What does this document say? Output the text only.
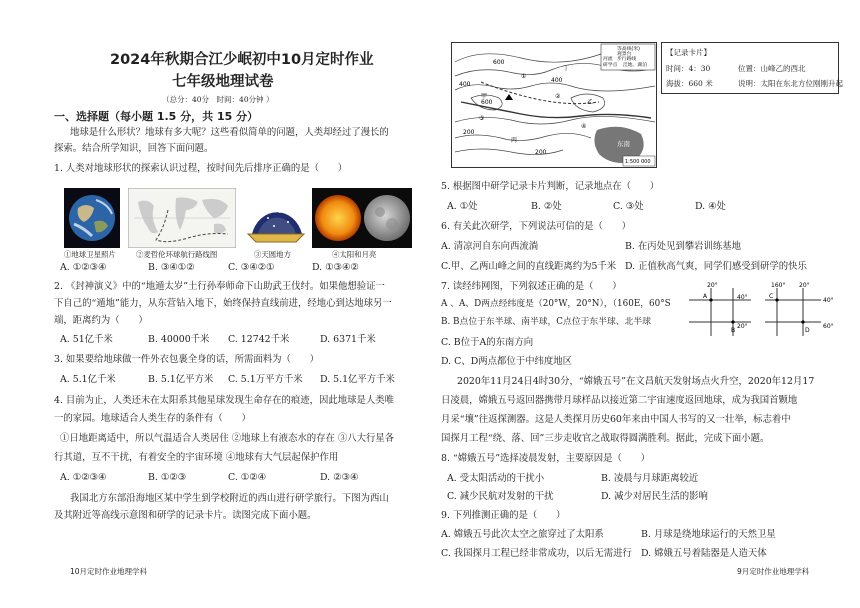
2024年秋期合江少岷初中10月定时作业
七年级地理试卷
（总分：40分　时间：40分钟 ）
一、选择题（每小题 1.5 分，共 15 分）
地球是什么形状？地球有多大呢？这些看似简单的问题，人类却经过了漫长的
探索。结合所学知识，回答下面问题。
1. 人类对地球形状的探索认识过程，按时间先后排序正确的是（　　）
①地球卫星照片	②麦哲伦环球航行路线图	③天圆地方	④太阳和月亮
A. ①②③④	B. ③④①②	C. ③④②①	D. ①③④②
2. 《封神演义》中的“地遁太岁”土行孙奉师命下山助武王伐纣。如果他想验证一
下自己的“遁地”能力，从东营钻入地下，始终保持直线前进，经地心到达地球另一
端，距离约为（　　）
A. 51亿千米	B. 40000千米 C. 12742千米	D. 6371千米
3. 如果要给地球做一件外衣包裹全身的话，所需面料为（　　）
A. 5.1亿千米	B. 5.1亿平方米 C. 5.1万平方千米 D. 5.1亿平方千米
4. 目前为止，人类还未在太阳系其他星球发现生命存在的痕迹，因此地球是人类唯
一的家园。地球适合人类生存的条件有（　　）
①日地距离适中，所以气温适合人类居住 ②地球上有液态水的存在 ③八大行星各
行其道，互不干扰，有着安全的宇宙环境 ④地球有大气层起保护作用
A. ①②③④	B. ①②③	C. ①②④	D. ②③④
我国北方东部沿海地区某中学生到学校附近的西山进行研学旅行。下图为西山
及其附近等高线示意图和研学的记录卡片。读图完成下面小题。
10月定时作业地理学科
等高线(米)
观景台
河流 步行路线
研学点 洼地、湖泊
600
400
200
400
600
200
东南
①
②
③
④
甲
乙
丙
丁
1:500 000
【记录卡片】
时间：4：30	位置：山峰乙的西北
海拔：660 米	说明：太阳在东北方位刚刚升起
5. 根据图中研学记录卡片判断，记录地点在（　　）
A. ①处	B. ②处	C. ③处	D. ④处
6. 有关此次研学，下列说法可信的是（　　）
A. 清凉河自东向西流淌	B. 在丙处见到攀岩训练基地
C.甲、乙两山峰之间的直线距离约为5千米 D. 正值秋高气爽，同学们感受到研学的快乐
7. 读经纬网图，下列叙述正确的是（　　）
A 、A、D两点经纬度是（20°W，20°N），（160E，60°S
B. B点位于东半球、南半球，C点位于东半球、北半球
C. B位于A的东南方向
D. C、D两点都位于中纬度地区
20°
40°
20°
A
B
160° 20°
40°
60°
C
D
2020年11月24日4时30分，“嫦娥五号”在文昌航天发射场点火升空，2020年12月17
日凌晨，嫦娥五号返回器携带月球样品以接近第二宇宙速度返回地球，成为我国首颗地
月采“壤”往返探测器。这是人类探月历史60年来由中国人书写的又一壮举，标志着中
国探月工程“绕、落、回”三步走收官之战取得圆满胜利。据此，完成下面小题。
8. “嫦娥五号”选择凌晨发射，主要原因是（　　）
A. 受太阳活动的干扰小	B. 凌晨与月球距离较近
C. 减少民航对发射的干扰	D. 减少对居民生活的影响
9. 下列推测正确的是（　　）
A. 嫦娥五号此次太空之旅穿过了太阳系	B. 月球是绕地球运行的天然卫星
C. 我国探月工程已经非常成功，以后无需进行 D. 嫦娥五号着陆器是人造天体
9月定时作业地理学科
